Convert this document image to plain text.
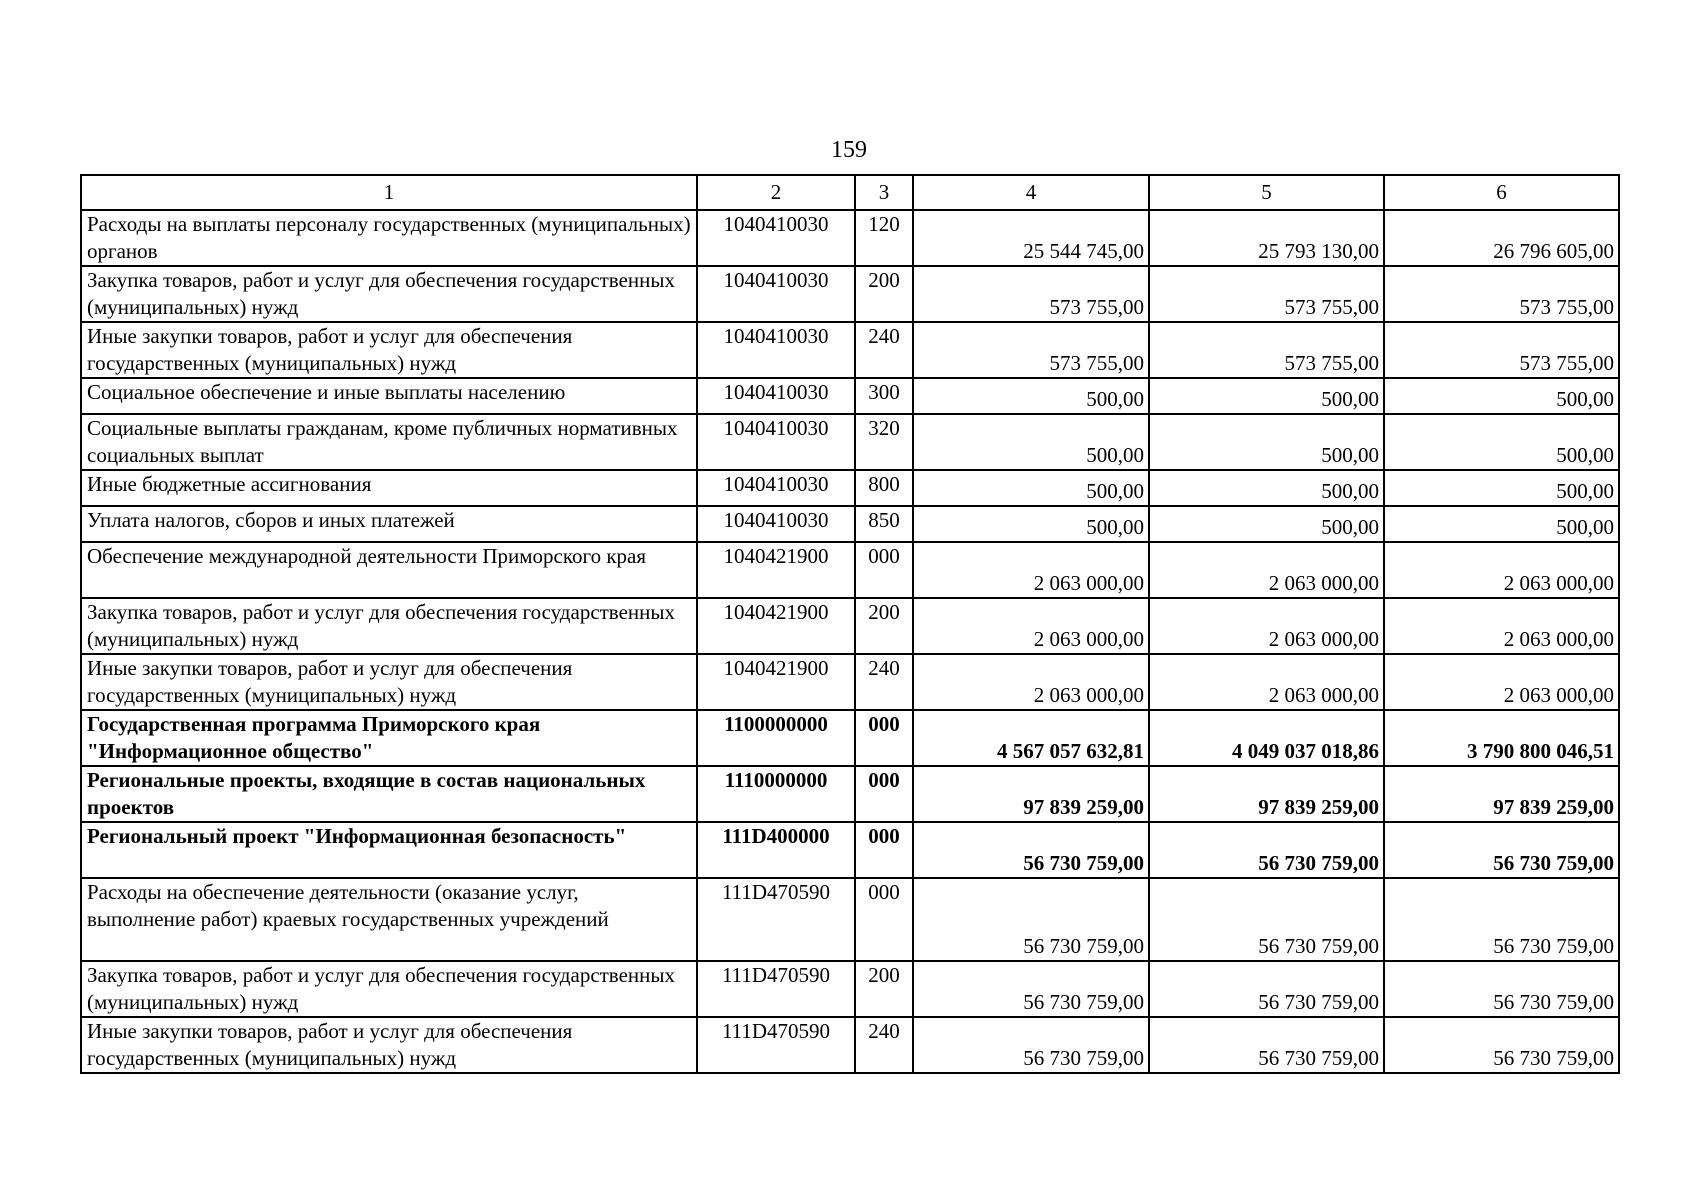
159
1	2	3	4	5	6
Расходы на выплаты персоналу государственных (муниципальных) органов	1040410030	120	25 544 745,00	25 793 130,00	26 796 605,00
Закупка товаров, работ и услуг для обеспечения государственных (муниципальных) нужд	1040410030	200	573 755,00	573 755,00	573 755,00
Иные закупки товаров, работ и услуг для обеспечения государственных (муниципальных) нужд	1040410030	240	573 755,00	573 755,00	573 755,00
Социальное обеспечение и иные выплаты населению	1040410030	300	500,00	500,00	500,00
Социальные выплаты гражданам, кроме публичных нормативных социальных выплат	1040410030	320	500,00	500,00	500,00
Иные бюджетные ассигнования	1040410030	800	500,00	500,00	500,00
Уплата налогов, сборов и иных платежей	1040410030	850	500,00	500,00	500,00
Обеспечение международной деятельности Приморского края	1040421900	000	2 063 000,00	2 063 000,00	2 063 000,00
Закупка товаров, работ и услуг для обеспечения государственных (муниципальных) нужд	1040421900	200	2 063 000,00	2 063 000,00	2 063 000,00
Иные закупки товаров, работ и услуг для обеспечения государственных (муниципальных) нужд	1040421900	240	2 063 000,00	2 063 000,00	2 063 000,00
Государственная программа Приморского края "Информационное общество"	1100000000	000	4 567 057 632,81	4 049 037 018,86	3 790 800 046,51
Региональные проекты, входящие в состав национальных проектов	1110000000	000	97 839 259,00	97 839 259,00	97 839 259,00
Региональный проект "Информационная безопасность"	111D400000	000	56 730 759,00	56 730 759,00	56 730 759,00
Расходы на обеспечение деятельности (оказание услуг, выполнение работ) краевых государственных учреждений	111D470590	000	56 730 759,00	56 730 759,00	56 730 759,00
Закупка товаров, работ и услуг для обеспечения государственных (муниципальных) нужд	111D470590	200	56 730 759,00	56 730 759,00	56 730 759,00
Иные закупки товаров, работ и услуг для обеспечения государственных (муниципальных) нужд	111D470590	240	56 730 759,00	56 730 759,00	56 730 759,00
